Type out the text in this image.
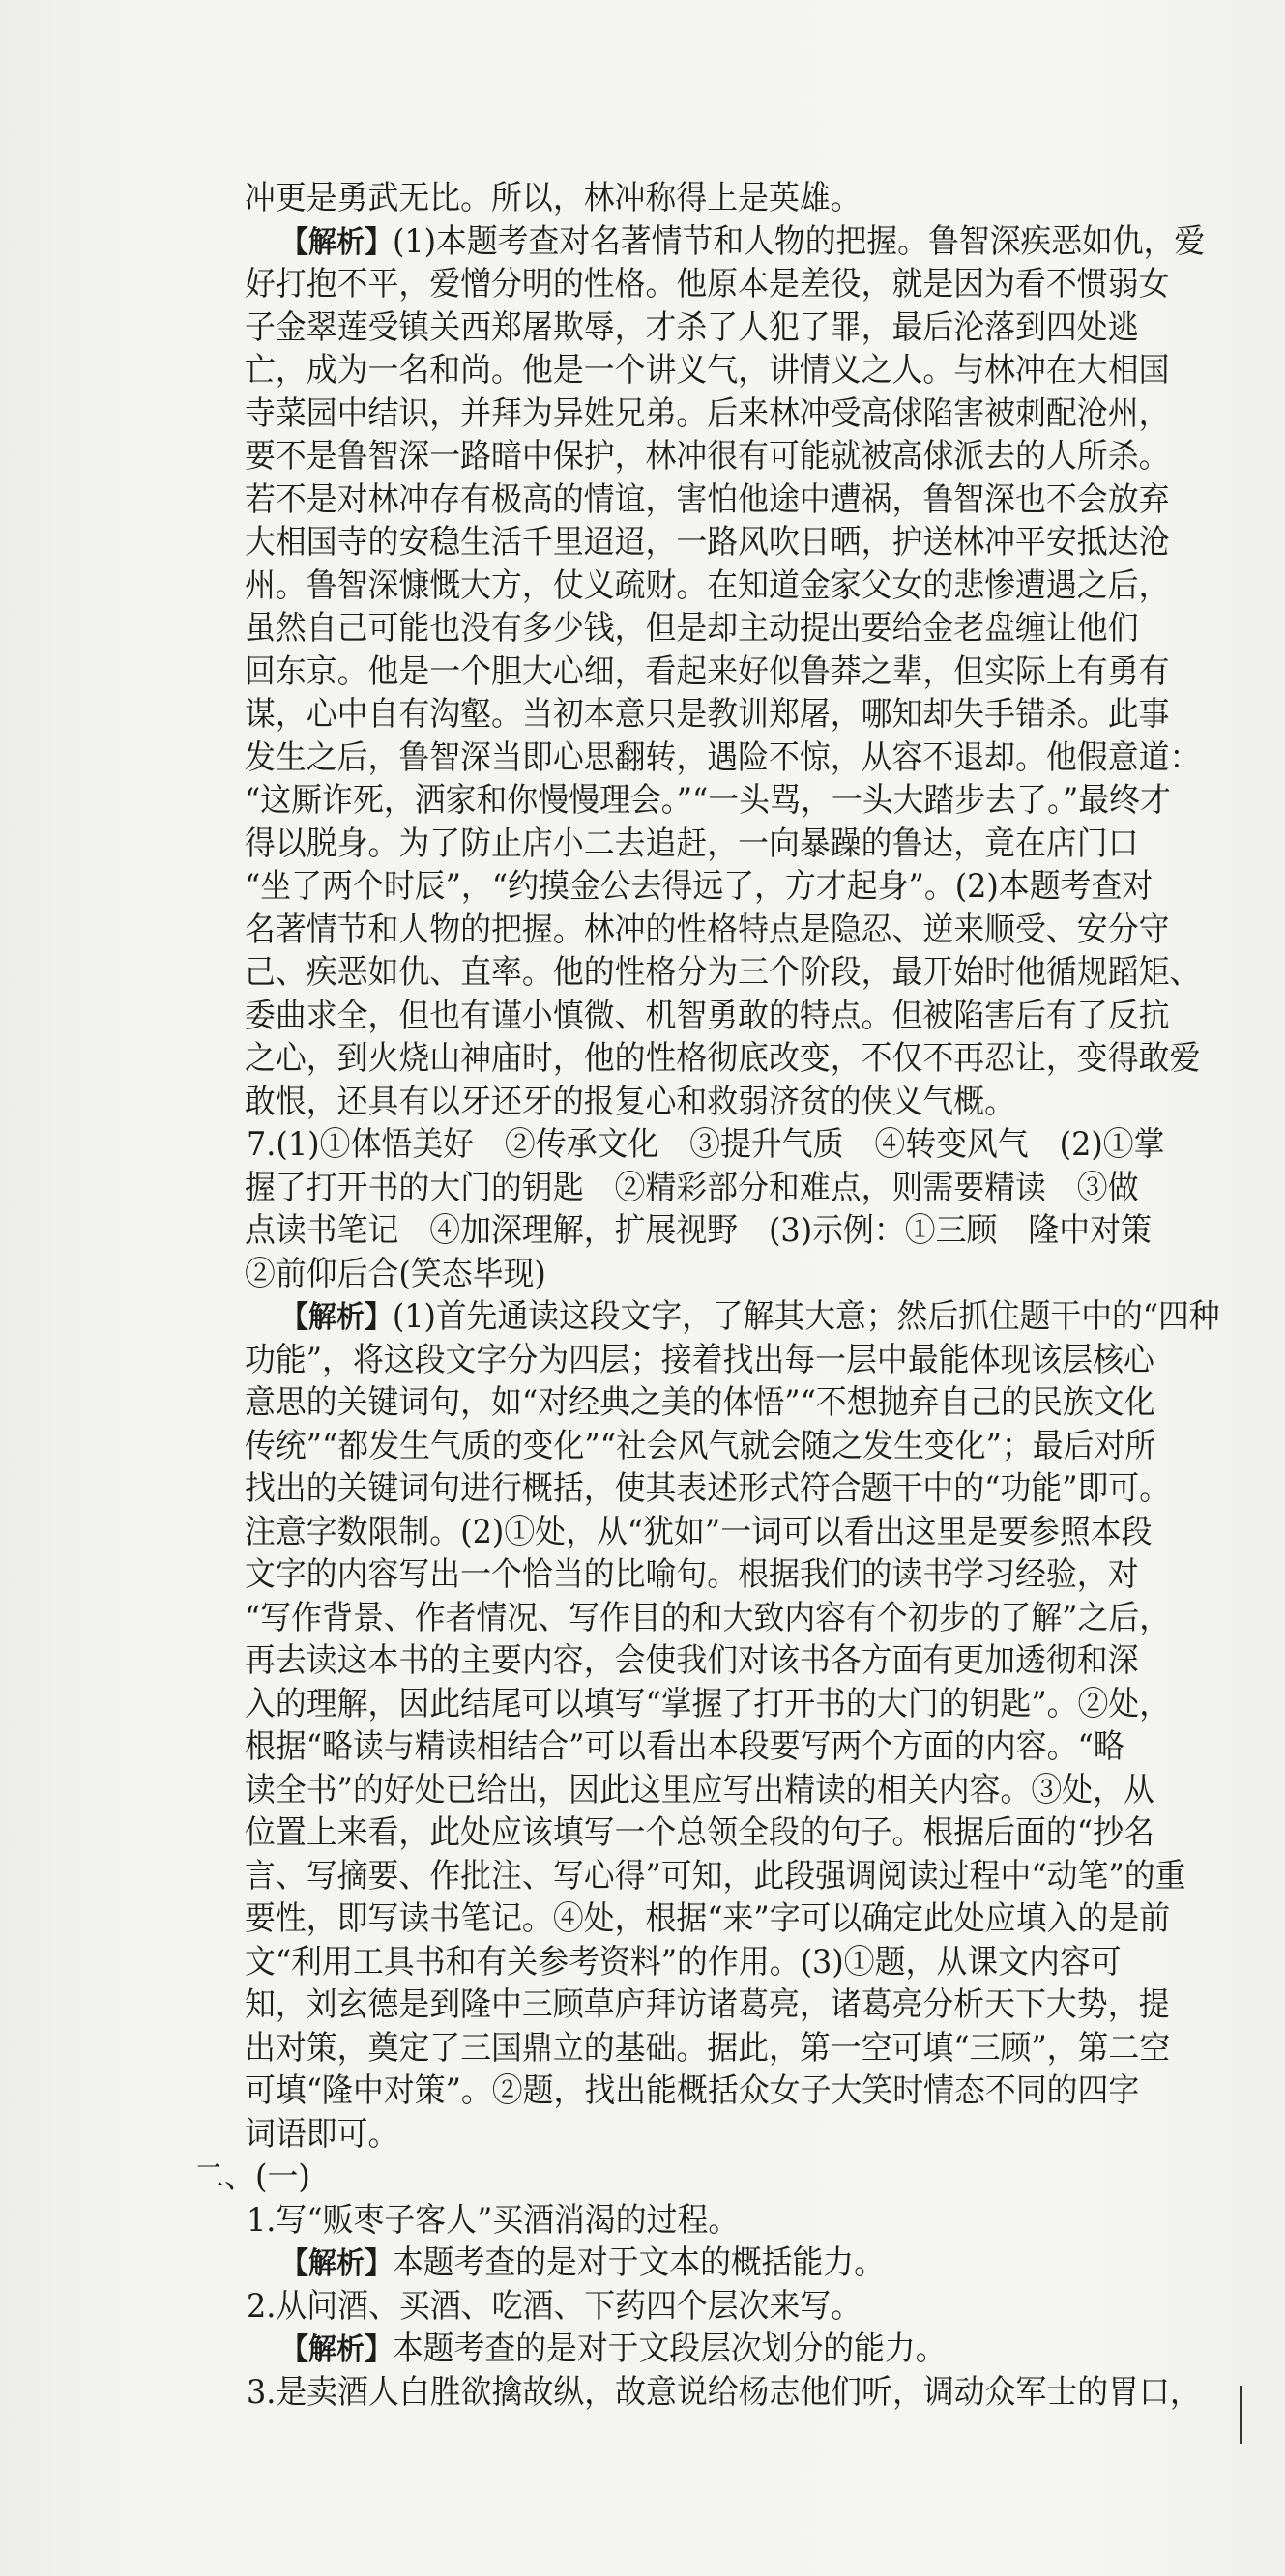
冲更是勇武无比。所以，林冲称得上是英雄。
【解析】(1)本题考查对名著情节和人物的把握。鲁智深疾恶如仇，爱
好打抱不平，爱憎分明的性格。他原本是差役，就是因为看不惯弱女
子金翠莲受镇关西郑屠欺辱，才杀了人犯了罪，最后沦落到四处逃
亡，成为一名和尚。他是一个讲义气，讲情义之人。与林冲在大相国
寺菜园中结识，并拜为异姓兄弟。后来林冲受高俅陷害被刺配沧州，
要不是鲁智深一路暗中保护，林冲很有可能就被高俅派去的人所杀。
若不是对林冲存有极高的情谊，害怕他途中遭祸，鲁智深也不会放弃
大相国寺的安稳生活千里迢迢，一路风吹日晒，护送林冲平安抵达沧
州。鲁智深慷慨大方，仗义疏财。在知道金家父女的悲惨遭遇之后，
虽然自己可能也没有多少钱，但是却主动提出要给金老盘缠让他们
回东京。他是一个胆大心细，看起来好似鲁莽之辈，但实际上有勇有
谋，心中自有沟壑。当初本意只是教训郑屠，哪知却失手错杀。此事
发生之后，鲁智深当即心思翻转，遇险不惊，从容不退却。他假意道：
“这厮诈死，洒家和你慢慢理会。”“一头骂，一头大踏步去了。”最终才
得以脱身。为了防止店小二去追赶，一向暴躁的鲁达，竟在店门口
“坐了两个时辰”，“约摸金公去得远了，方才起身”。(2)本题考查对
名著情节和人物的把握。林冲的性格特点是隐忍、逆来顺受、安分守
己、疾恶如仇、直率。他的性格分为三个阶段，最开始时他循规蹈矩、
委曲求全，但也有谨小慎微、机智勇敢的特点。但被陷害后有了反抗
之心，到火烧山神庙时，他的性格彻底改变，不仅不再忍让，变得敢爱
敢恨，还具有以牙还牙的报复心和救弱济贫的侠义气概。
7.(1)①体悟美好　②传承文化　③提升气质　④转变风气　(2)①掌
握了打开书的大门的钥匙　②精彩部分和难点，则需要精读　③做
点读书笔记　④加深理解，扩展视野　(3)示例：①三顾　隆中对策
②前仰后合(笑态毕现)
【解析】(1)首先通读这段文字，了解其大意；然后抓住题干中的“四种
功能”，将这段文字分为四层；接着找出每一层中最能体现该层核心
意思的关键词句，如“对经典之美的体悟”“不想抛弃自己的民族文化
传统”“都发生气质的变化”“社会风气就会随之发生变化”；最后对所
找出的关键词句进行概括，使其表述形式符合题干中的“功能”即可。
注意字数限制。(2)①处，从“犹如”一词可以看出这里是要参照本段
文字的内容写出一个恰当的比喻句。根据我们的读书学习经验，对
“写作背景、作者情况、写作目的和大致内容有个初步的了解”之后，
再去读这本书的主要内容，会使我们对该书各方面有更加透彻和深
入的理解，因此结尾可以填写“掌握了打开书的大门的钥匙”。②处，
根据“略读与精读相结合”可以看出本段要写两个方面的内容。“略
读全书”的好处已给出，因此这里应写出精读的相关内容。③处，从
位置上来看，此处应该填写一个总领全段的句子。根据后面的“抄名
言、写摘要、作批注、写心得”可知，此段强调阅读过程中“动笔”的重
要性，即写读书笔记。④处，根据“来”字可以确定此处应填入的是前
文“利用工具书和有关参考资料”的作用。(3)①题，从课文内容可
知，刘玄德是到隆中三顾草庐拜访诸葛亮，诸葛亮分析天下大势，提
出对策，奠定了三国鼎立的基础。据此，第一空可填“三顾”，第二空
可填“隆中对策”。②题，找出能概括众女子大笑时情态不同的四字
词语即可。
二、(一)
1.写“贩枣子客人”买酒消渴的过程。
【解析】本题考查的是对于文本的概括能力。
2.从问酒、买酒、吃酒、下药四个层次来写。
【解析】本题考查的是对于文段层次划分的能力。
3.是卖酒人白胜欲擒故纵，故意说给杨志他们听，调动众军士的胃口，
